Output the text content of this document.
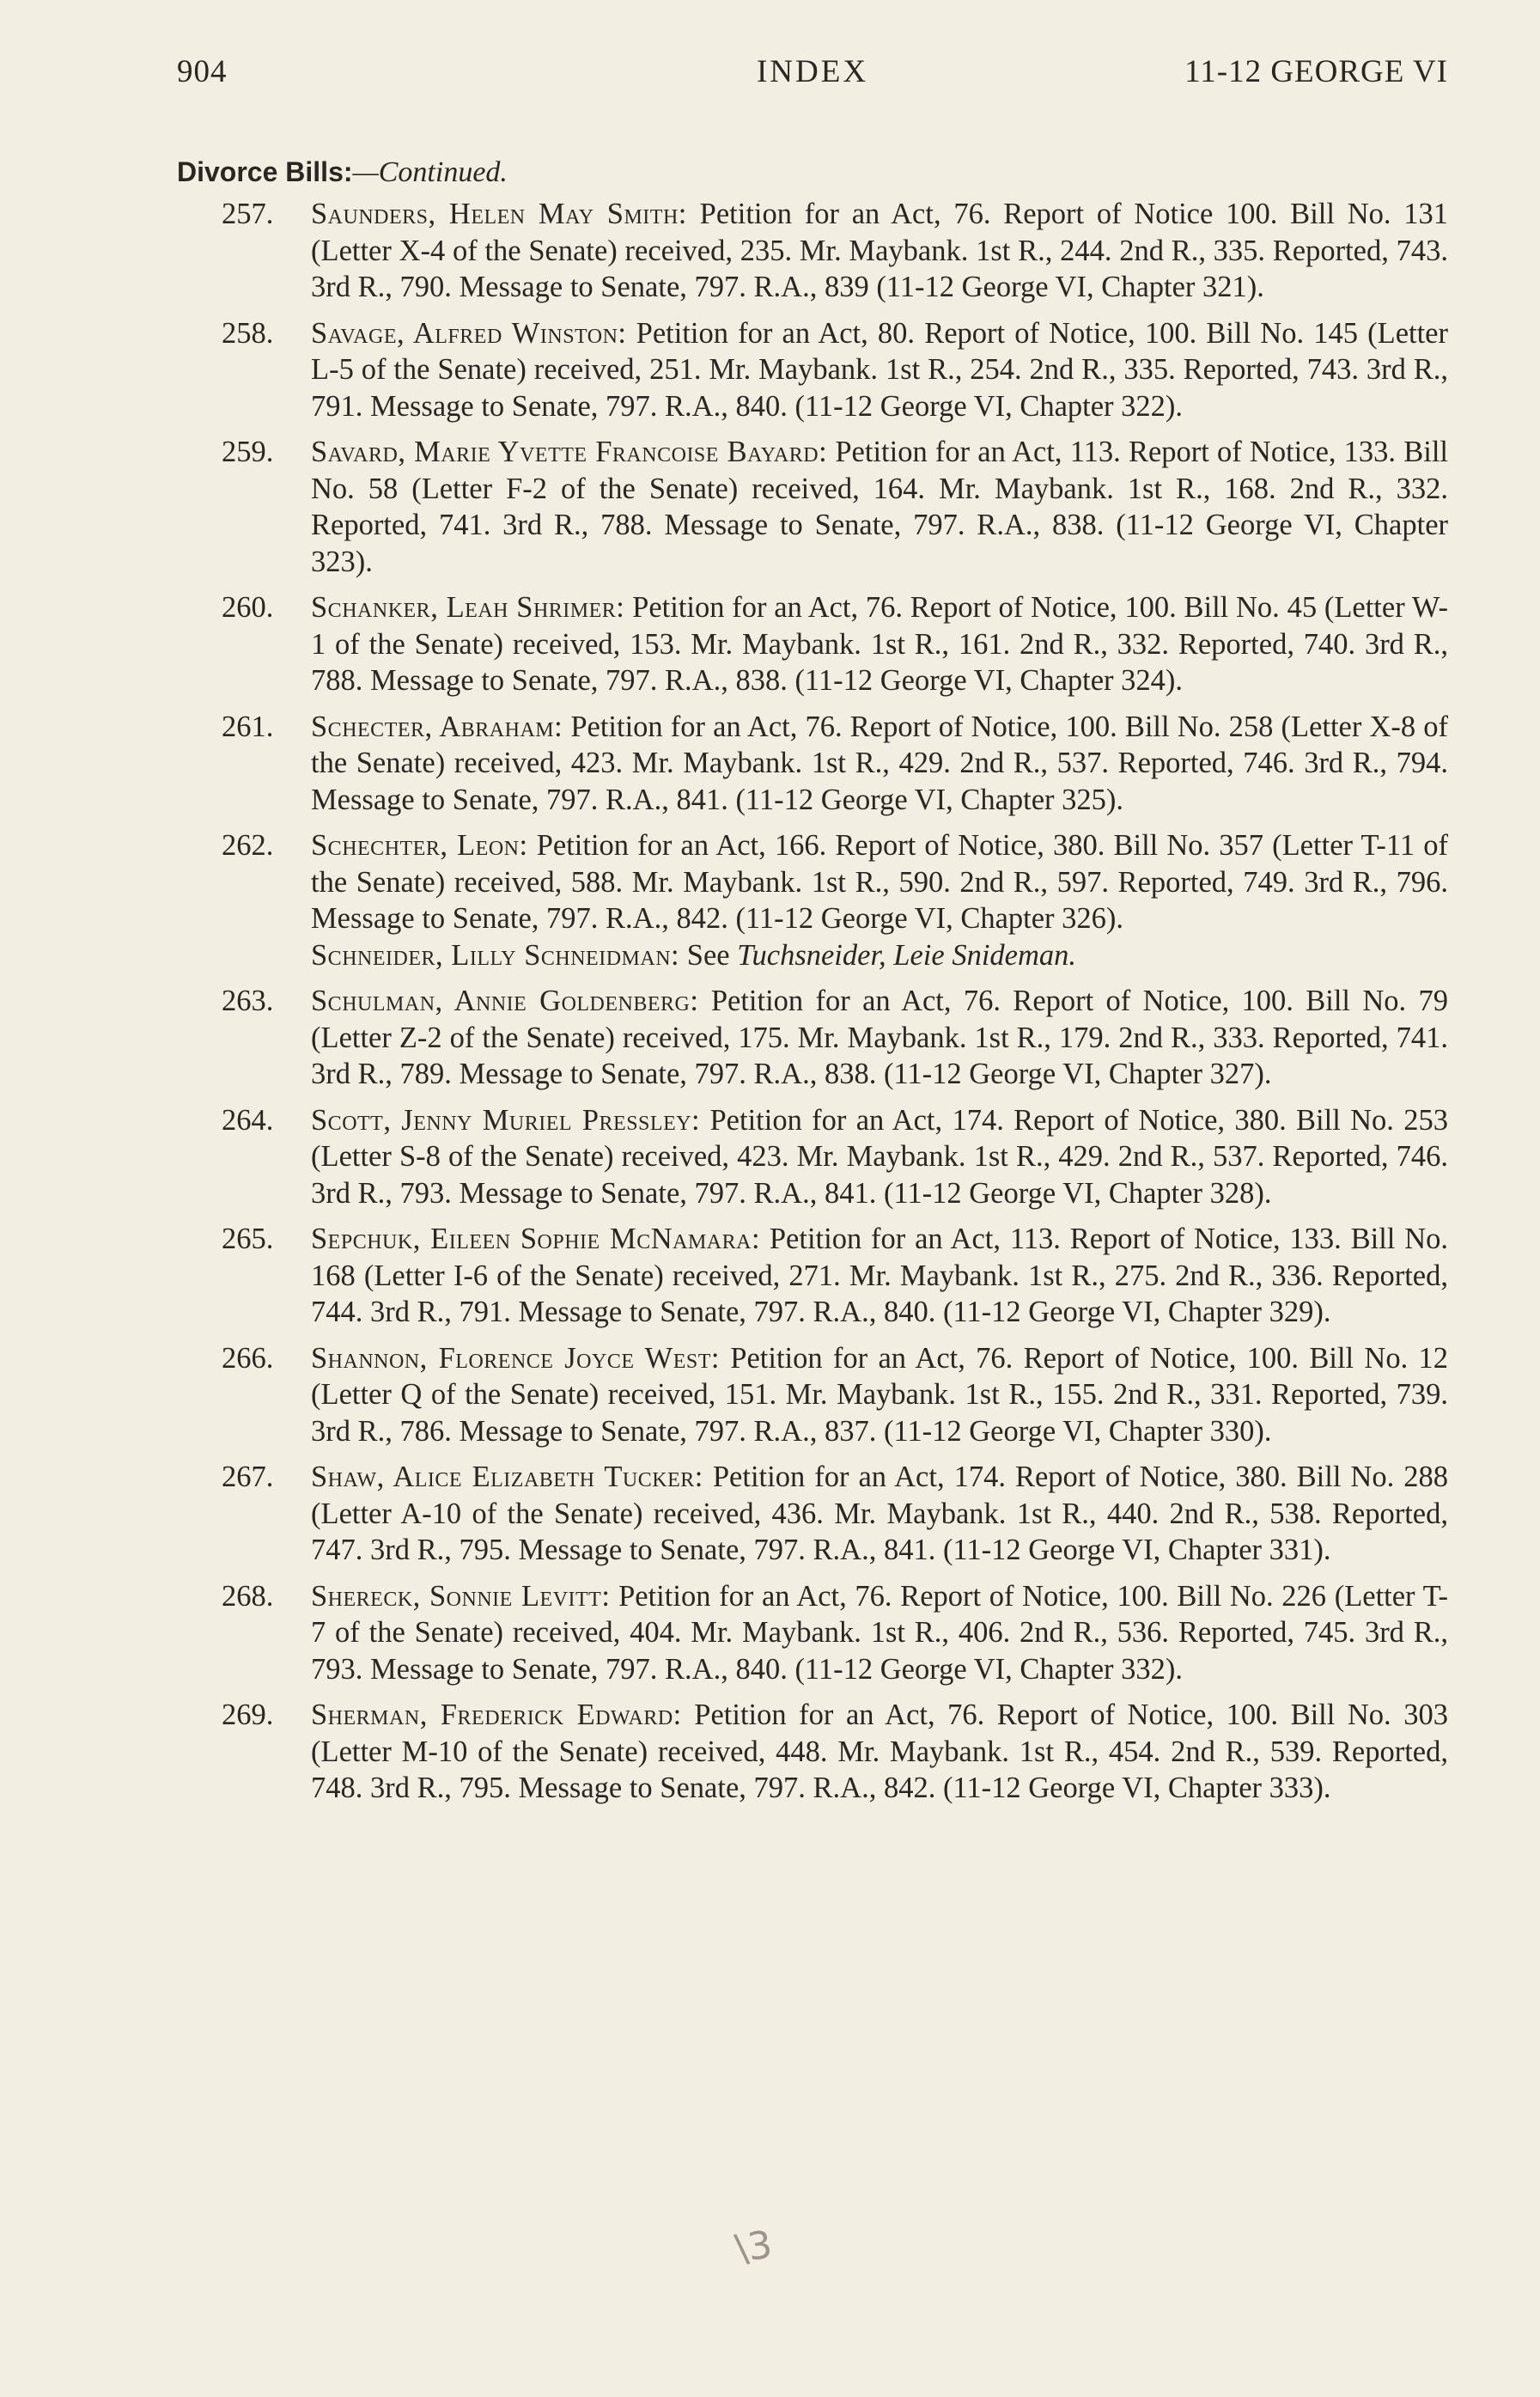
904	INDEX	11-12 GEORGE VI
Divorce Bills:—Continued.
257. Saunders, Helen May Smith: Petition for an Act, 76. Report of Notice 100. Bill No. 131 (Letter X-4 of the Senate) received, 235. Mr. Maybank. 1st R., 244. 2nd R., 335. Reported, 743. 3rd R., 790. Message to Senate, 797. R.A., 839 (11-12 George VI, Chapter 321).
258. Savage, Alfred Winston: Petition for an Act, 80. Report of Notice, 100. Bill No. 145 (Letter L-5 of the Senate) received, 251. Mr. Maybank. 1st R., 254. 2nd R., 335. Reported, 743. 3rd R., 791. Message to Senate, 797. R.A., 840. (11-12 George VI, Chapter 322).
259. Savard, Marie Yvette Francoise Bayard: Petition for an Act, 113. Report of Notice, 133. Bill No. 58 (Letter F-2 of the Senate) received, 164. Mr. Maybank. 1st R., 168. 2nd R., 332. Reported, 741. 3rd R., 788. Message to Senate, 797. R.A., 838. (11-12 George VI, Chapter 323).
260. Schanker, Leah Shrimer: Petition for an Act, 76. Report of Notice, 100. Bill No. 45 (Letter W-1 of the Senate) received, 153. Mr. Maybank. 1st R., 161. 2nd R., 332. Reported, 740. 3rd R., 788. Message to Senate, 797. R.A., 838. (11-12 George VI, Chapter 324).
261. Schecter, Abraham: Petition for an Act, 76. Report of Notice, 100. Bill No. 258 (Letter X-8 of the Senate) received, 423. Mr. Maybank. 1st R., 429. 2nd R., 537. Reported, 746. 3rd R., 794. Message to Senate, 797. R.A., 841. (11-12 George VI, Chapter 325).
262. Schechter, Leon: Petition for an Act, 166. Report of Notice, 380. Bill No. 357 (Letter T-11 of the Senate) received, 588. Mr. Maybank. 1st R., 590. 2nd R., 597. Reported, 749. 3rd R., 796. Message to Senate, 797. R.A., 842. (11-12 George VI, Chapter 326).
Schneider, Lilly Schneidman: See Tuchsneider, Leie Snideman.
263. Schulman, Annie Goldenberg: Petition for an Act, 76. Report of Notice, 100. Bill No. 79 (Letter Z-2 of the Senate) received, 175. Mr. Maybank. 1st R., 179. 2nd R., 333. Reported, 741. 3rd R., 789. Message to Senate, 797. R.A., 838. (11-12 George VI, Chapter 327).
264. Scott, Jenny Muriel Pressley: Petition for an Act, 174. Report of Notice, 380. Bill No. 253 (Letter S-8 of the Senate) received, 423. Mr. Maybank. 1st R., 429. 2nd R., 537. Reported, 746. 3rd R., 793. Message to Senate, 797. R.A., 841. (11-12 George VI, Chapter 328).
265. Sepchuk, Eileen Sophie McNamara: Petition for an Act, 113. Report of Notice, 133. Bill No. 168 (Letter I-6 of the Senate) received, 271. Mr. Maybank. 1st R., 275. 2nd R., 336. Reported, 744. 3rd R., 791. Message to Senate, 797. R.A., 840. (11-12 George VI, Chapter 329).
266. Shannon, Florence Joyce West: Petition for an Act, 76. Report of Notice, 100. Bill No. 12 (Letter Q of the Senate) received, 151. Mr. Maybank. 1st R., 155. 2nd R., 331. Reported, 739. 3rd R., 786. Message to Senate, 797. R.A., 837. (11-12 George VI, Chapter 330).
267. Shaw, Alice Elizabeth Tucker: Petition for an Act, 174. Report of Notice, 380. Bill No. 288 (Letter A-10 of the Senate) received, 436. Mr. Maybank. 1st R., 440. 2nd R., 538. Reported, 747. 3rd R., 795. Message to Senate, 797. R.A., 841. (11-12 George VI, Chapter 331).
268. Shereck, Sonnie Levitt: Petition for an Act, 76. Report of Notice, 100. Bill No. 226 (Letter T-7 of the Senate) received, 404. Mr. Maybank. 1st R., 406. 2nd R., 536. Reported, 745. 3rd R., 793. Message to Senate, 797. R.A., 840. (11-12 George VI, Chapter 332).
269. Sherman, Frederick Edward: Petition for an Act, 76. Report of Notice, 100. Bill No. 303 (Letter M-10 of the Senate) received, 448. Mr. Maybank. 1st R., 454. 2nd R., 539. Reported, 748. 3rd R., 795. Message to Senate, 797. R.A., 842. (11-12 George VI, Chapter 333).
\3
